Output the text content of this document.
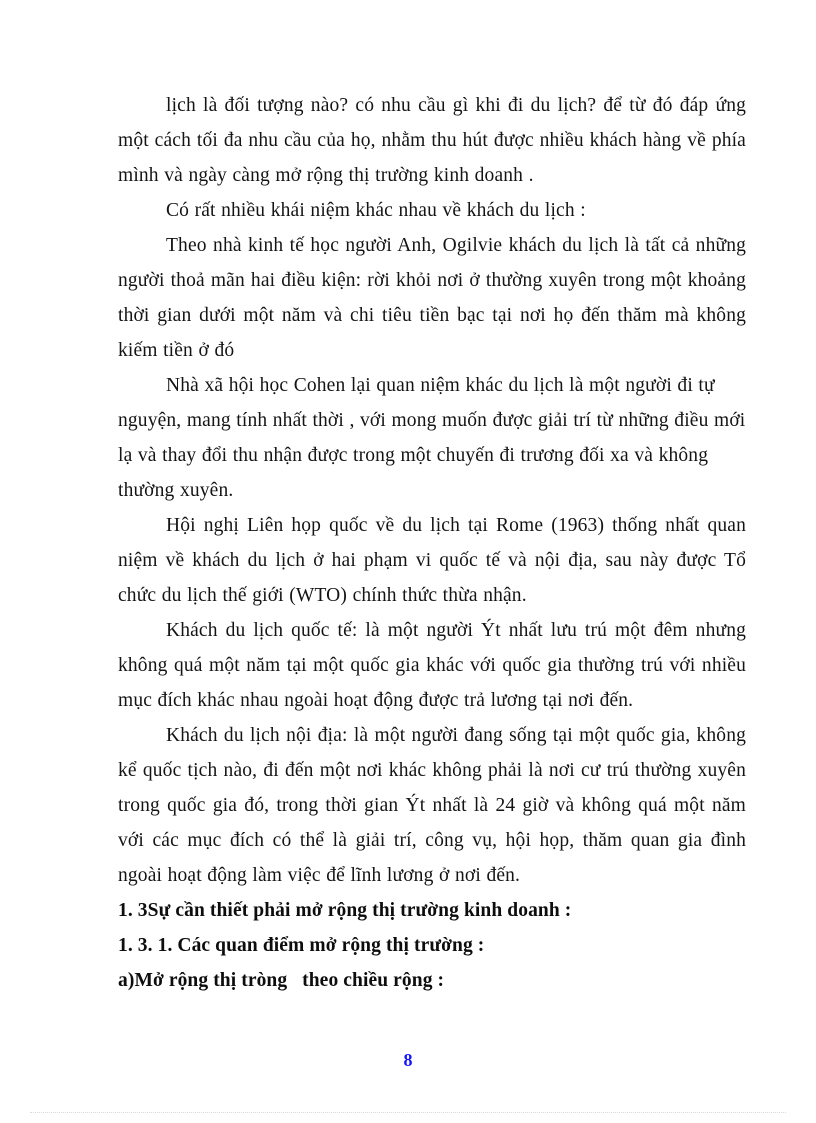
lịch là đối tượng nào? có nhu cầu gì khi đi du lịch? để từ đó đáp ứng một cách tối đa nhu cầu của họ, nhằm thu hút được nhiều khách hàng về phía mình và ngày càng mở rộng thị trường kinh doanh .

Có rất nhiều khái niệm khác nhau về khách du lịch :

Theo nhà kinh tế học người Anh, Ogilvie khách du lịch là tất cả những người thoả mãn hai điều kiện: rời khỏi nơi ở thường xuyên trong một khoảng thời gian dưới một năm và chi tiêu tiền bạc tại nơi họ đến thăm mà không kiếm tiền ở đó

Nhà xã hội học Cohen lại quan niệm khác du lịch là một người đi tự nguyện, mang tính nhất thời , với mong muốn được giải trí từ những điều mới lạ và thay đổi thu nhận được trong một chuyến đi trương đối xa và không thường xuyên.

Hội nghị Liên họp quốc về du lịch tại Rome (1963) thống nhất quan niệm về khách du lịch ở hai phạm vi quốc tế và nội địa, sau này được Tổ chức du lịch thế giới (WTO) chính thức thừa nhận.

Khách du lịch quốc tế: là một người Ýt nhất lưu trú một đêm nhưng không quá một năm tại một quốc gia khác với quốc gia thường trú với nhiều mục đích khác nhau ngoài hoạt động được trả lương tại nơi đến.

Khách du lịch nội địa: là một người đang sống tại một quốc gia, không kể quốc tịch nào, đi đến một nơi khác không phải là nơi cư trú thường xuyên trong quốc gia đó, trong thời gian Ýt nhất là 24 giờ và không quá một năm với các mục đích có thể là giải trí, công vụ, hội họp, thăm quan gia đình ngoài hoạt động làm việc để lĩnh lương ở nơi đến.

1. 3Sự cần thiết phải mở rộng thị trường kinh doanh :

1. 3. 1. Các quan điểm mở rộng thị trường :

a)Mở rộng thị tròng   theo chiều rộng :

8
